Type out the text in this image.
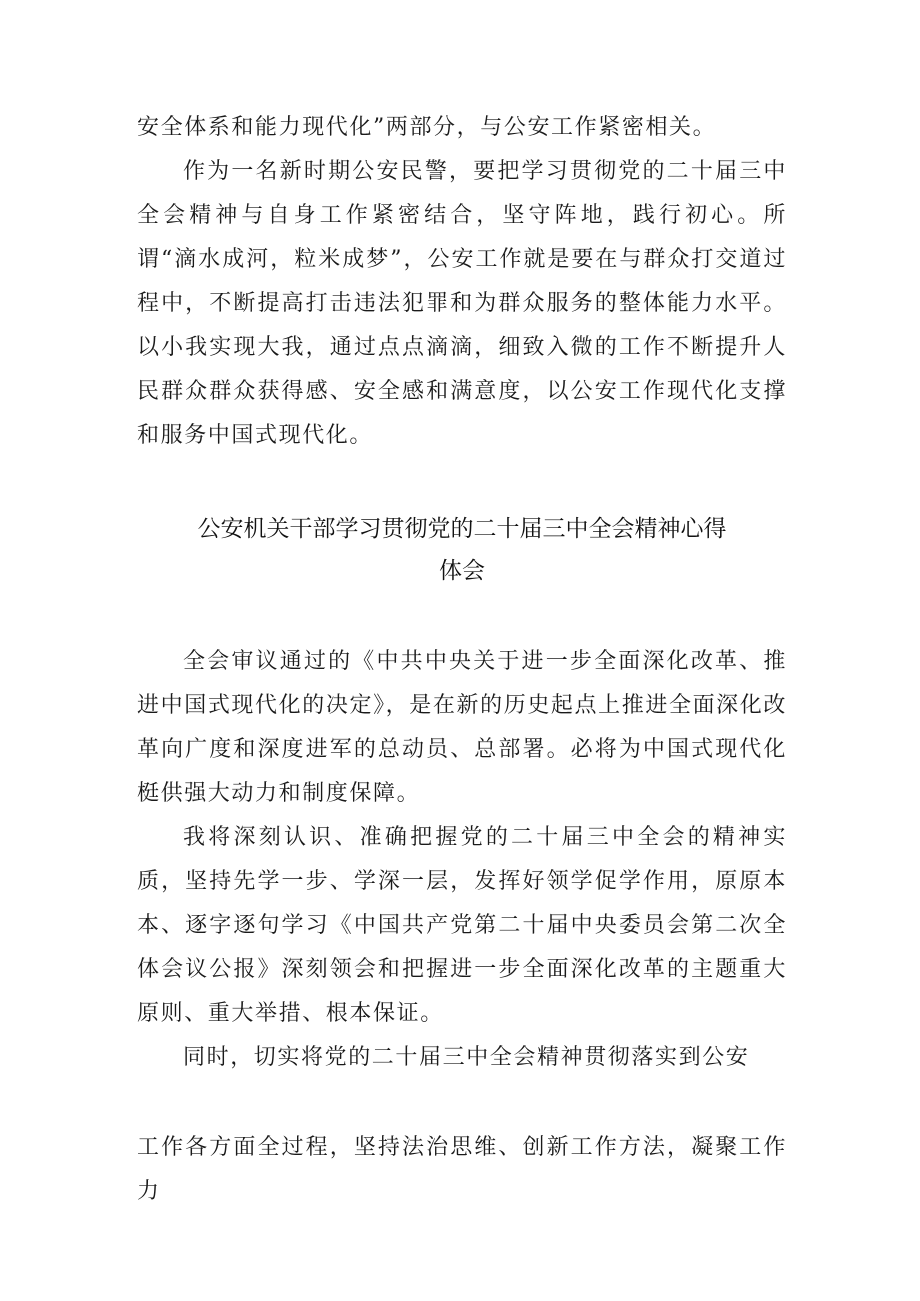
安全体系和能力现代化”两部分，与公安工作紧密相关。

作为一名新时期公安民警，要把学习贯彻党的二十届三中全会精神与自身工作紧密结合，坚守阵地，践行初心。所谓“滴水成河，粒米成梦”，公安工作就是要在与群众打交道过程中，不断提高打击违法犯罪和为群众服务的整体能力水平。以小我实现大我，通过点点滴滴，细致入微的工作不断提升人民群众群众获得感、安全感和满意度，以公安工作现代化支撑和服务中国式现代化。

公安机关干部学习贯彻党的二十届三中全会精神心得

体会

全会审议通过的《中共中央关于进一步全面深化改革、推进中国式现代化的决定》，是在新的历史起点上推进全面深化改革向广度和深度进军的总动员、总部署。必将为中国式现代化梃供强大动力和制度保障。

我将深刻认识、准确把握党的二十届三中全会的精神实质，坚持先学一步、学深一层，发挥好领学促学作用，原原本本、逐字逐句学习《中国共产党第二十届中央委员会第二次全体会议公报》深刻领会和把握进一步全面深化改革的主题重大原则、重大举措、根本保证。

同时，切实将党的二十届三中全会精神贯彻落实到公安

工作各方面全过程，坚持法治思维、创新工作方法，凝聚工作力
